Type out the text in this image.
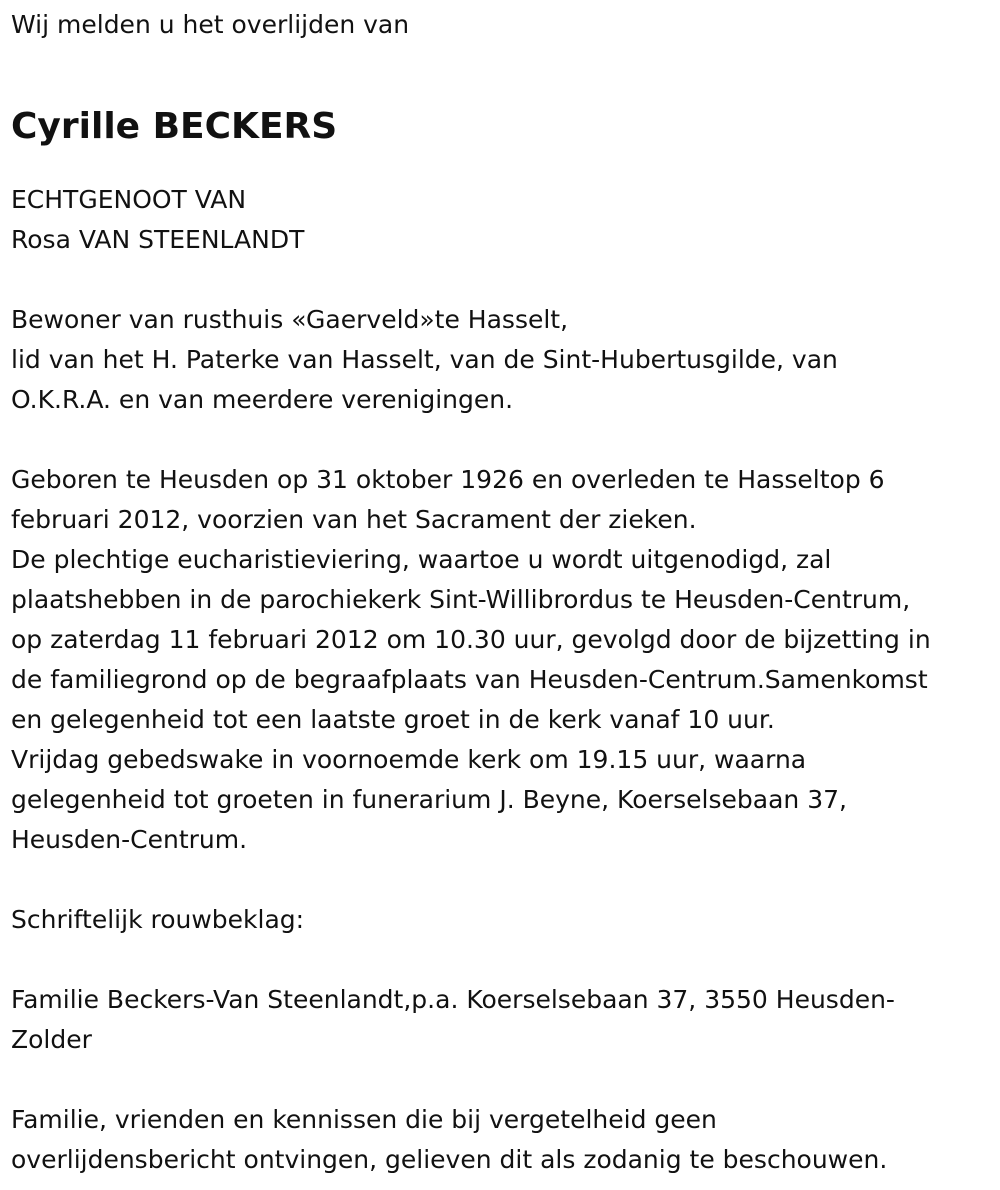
Wij melden u het overlijden van
Cyrille BECKERS
ECHTGENOOT VAN
Rosa VAN STEENLANDT
Bewoner van rusthuis «Gaerveld»te Hasselt,
lid van het H. Paterke van Hasselt, van de Sint-Hubertusgilde, van
O.K.R.A. en van meerdere verenigingen.
Geboren te Heusden op 31 oktober 1926 en overleden te Hasseltop 6
februari 2012, voorzien van het Sacrament der zieken.
De plechtige eucharistieviering, waartoe u wordt uitgenodigd, zal
plaatshebben in de parochiekerk Sint-Willibrordus te Heusden-Centrum,
op zaterdag 11 februari 2012 om 10.30 uur, gevolgd door de bijzetting in
de familiegrond op de begraafplaats van Heusden-Centrum.Samenkomst
en gelegenheid tot een laatste groet in de kerk vanaf 10 uur.
Vrijdag gebedswake in voornoemde kerk om 19.15 uur, waarna
gelegenheid tot groeten in funerarium J. Beyne, Koerselsebaan 37,
Heusden-Centrum.
Schriftelijk rouwbeklag:
Familie Beckers-Van Steenlandt,p.a. Koerselsebaan 37, 3550 Heusden-
Zolder
Familie, vrienden en kennissen die bij vergetelheid geen
overlijdensbericht ontvingen, gelieven dit als zodanig te beschouwen.
